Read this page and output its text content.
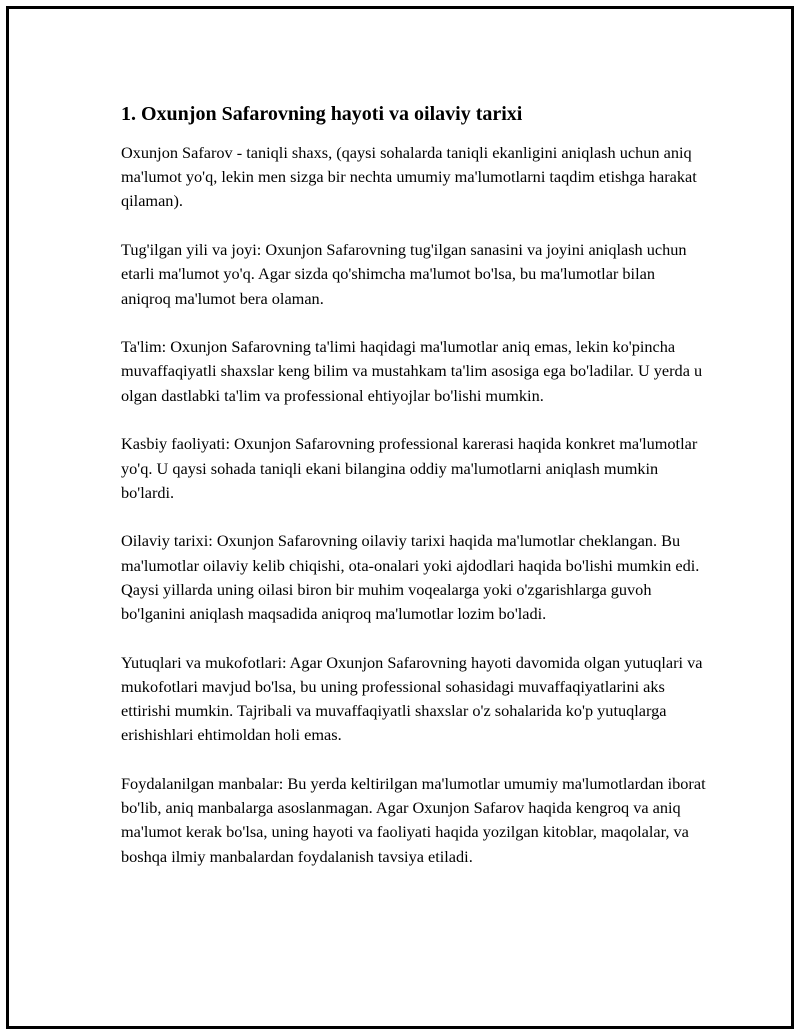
1. Oxunjon Safarovning hayoti va oilaviy tarixi

Oxunjon Safarov - taniqli shaxs, (qaysi sohalarda taniqli ekanligini aniqlash uchun aniq ma'lumot yo'q, lekin men sizga bir nechta umumiy ma'lumotlarni taqdim etishga harakat qilaman).

Tug'ilgan yili va joyi: Oxunjon Safarovning tug'ilgan sanasini va joyini aniqlash uchun etarli ma'lumot yo'q. Agar sizda qo'shimcha ma'lumot bo'lsa, bu ma'lumotlar bilan aniqroq ma'lumot bera olaman.

Ta'lim: Oxunjon Safarovning ta'limi haqidagi ma'lumotlar aniq emas, lekin ko'pincha muvaffaqiyatli shaxslar keng bilim va mustahkam ta'lim asosiga ega bo'ladilar. U yerda u olgan dastlabki ta'lim va professional ehtiyojlar bo'lishi mumkin.

Kasbiy faoliyati: Oxunjon Safarovning professional karerasi haqida konkret ma'lumotlar yo'q. U qaysi sohada taniqli ekani bilangina oddiy ma'lumotlarni aniqlash mumkin bo'lardi.

Oilaviy tarixi: Oxunjon Safarovning oilaviy tarixi haqida ma'lumotlar cheklangan. Bu ma'lumotlar oilaviy kelib chiqishi, ota-onalari yoki ajdodlari haqida bo'lishi mumkin edi. Qaysi yillarda uning oilasi biron bir muhim voqealarga yoki o'zgarishlarga guvoh bo'lganini aniqlash maqsadida aniqroq ma'lumotlar lozim bo'ladi.

Yutuqlari va mukofotlari: Agar Oxunjon Safarovning hayoti davomida olgan yutuqlari va mukofotlari mavjud bo'lsa, bu uning professional sohasidagi muvaffaqiyatlarini aks ettirishi mumkin. Tajribali va muvaffaqiyatli shaxslar o'z sohalarida ko'p yutuqlarga erishishlari ehtimoldan holi emas.

Foydalanilgan manbalar: Bu yerda keltirilgan ma'lumotlar umumiy ma'lumotlardan iborat bo'lib, aniq manbalarga asoslanmagan. Agar Oxunjon Safarov haqida kengroq va aniq ma'lumot kerak bo'lsa, uning hayoti va faoliyati haqida yozilgan kitoblar, maqolalar, va boshqa ilmiy manbalardan foydalanish tavsiya etiladi.
